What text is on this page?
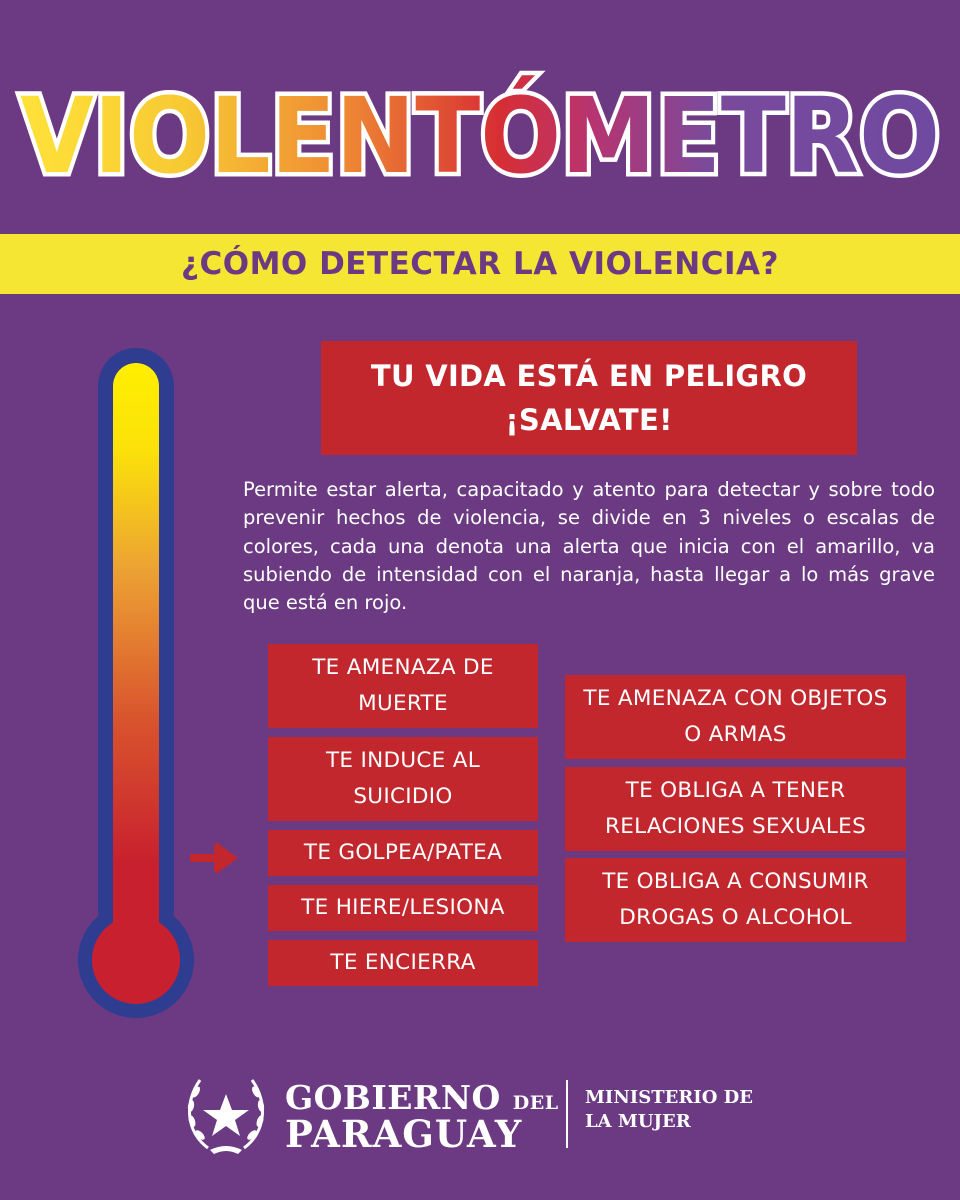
VIOLENTÓMETRO
¿CÓMO DETECTAR LA VIOLENCIA?
TU VIDA ESTÁ EN PELIGRO
¡SALVATE!
Permite estar alerta, capacitado y atento para detectar y sobre todo prevenir hechos de violencia, se divide en 3 niveles o escalas de colores, cada una denota una alerta que inicia con el amarillo, va subiendo de intensidad con el naranja, hasta llegar a lo más grave que está en rojo.
TE AMENAZA DE MUERTE
TE INDUCE AL SUICIDIO
TE GOLPEA/PATEA
TE HIERE/LESIONA
TE ENCIERRA
TE AMENAZA CON OBJETOS O ARMAS
TE OBLIGA A TENER RELACIONES SEXUALES
TE OBLIGA A CONSUMIR DROGAS O ALCOHOL
GOBIERNO DEL
PARAGUAY
MINISTERIO DE
LA MUJER
